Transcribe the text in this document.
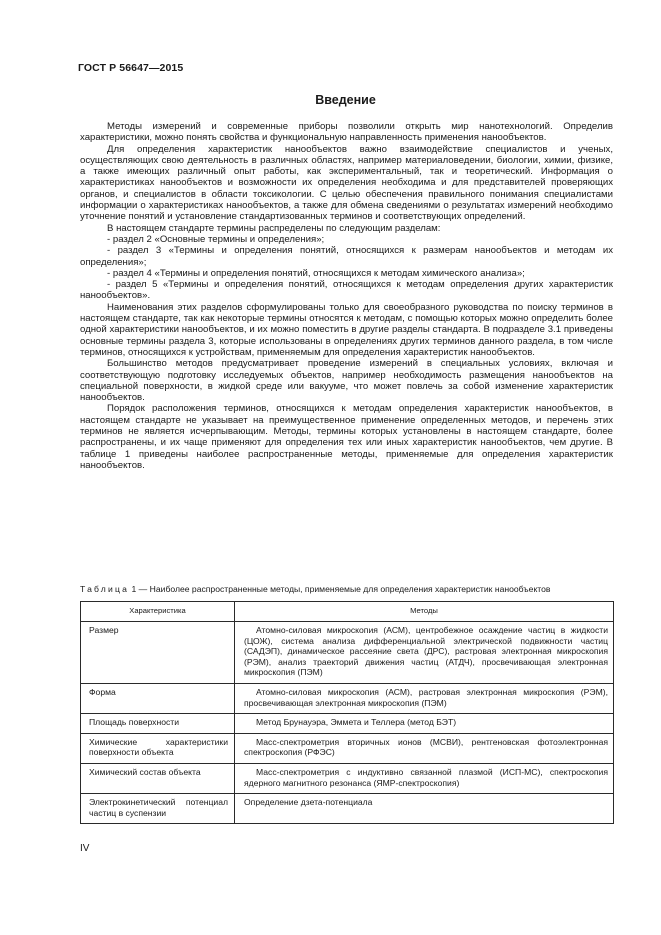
ГОСТ Р 56647—2015
Введение

Методы измерений и современные приборы позволили открыть мир нанотехнологий. Определив характеристики, можно понять свойства и функциональную направленность применения нанообъектов.

Для определения характеристик нанообъектов важно взаимодействие специалистов и ученых, осуществляющих свою деятельность в различных областях, например материаловедении, биологии, химии, физике, а также имеющих различный опыт работы, как экспериментальный, так и теоретический. Информация о характеристиках нанообъектов и возможности их определения необходима и для представителей проверяющих органов, и специалистов в области токсикологии. С целью обеспечения правильного понимания специалистами информации о характеристиках нанообъектов, а также для обмена сведениями о результатах измерений необходимо уточнение понятий и установление стандартизованных терминов и соответствующих определений.

В настоящем стандарте термины распределены по следующим разделам:

- раздел 2 «Основные термины и определения»;

- раздел 3 «Термины и определения понятий, относящихся к размерам нанообъектов и методам их определения»;

- раздел 4 «Термины и определения понятий, относящихся к методам химического анализа»;

- раздел 5 «Термины и определения понятий, относящихся к методам определения других характеристик нанообъектов».

Наименования этих разделов сформулированы только для своеобразного руководства по поиску терминов в настоящем стандарте, так как некоторые термины относятся к методам, с помощью которых можно определить более одной характеристики нанообъектов, и их можно поместить в другие разделы стандарта. В подразделе 3.1 приведены основные термины раздела 3, которые использованы в определениях других терминов данного раздела, в том числе терминов, относящихся к устройствам, применяемым для определения характеристик нанообъектов.

Большинство методов предусматривает проведение измерений в специальных условиях, включая и соответствующую подготовку исследуемых объектов, например необходимость размещения нанообъектов на специальной поверхности, в жидкой среде или вакууме, что может повлечь за собой изменение характеристик нанообъектов.

Порядок расположения терминов, относящихся к методам определения характеристик нанообъектов, в настоящем стандарте не указывает на преимущественное применение определенных методов, и перечень этих терминов не является исчерпывающим. Методы, термины которых установлены в настоящем стандарте, более распространены, и их чаще применяют для определения тех или иных характеристик нанообъектов, чем другие. В таблице 1 приведены наиболее распространенные методы, применяемые для определения характеристик нанообъектов.

Таблица 1 — Наиболее распространенные методы, применяемые для определения характеристик нанообъектов
Характеристика	Методы
Размер	Атомно-силовая микроскопия (АСМ), центробежное осаждение частиц в жидкости (ЦОЖ), система анализа дифференциальной электрической подвижности частиц (САДЭП), динамическое рассеяние света (ДРС), растровая электронная микроскопия (РЭМ), анализ траекторий движения частиц (АТДЧ), просвечивающая электронная микроскопия (ПЭМ)
Форма	Атомно-силовая микроскопия (АСМ), растровая электронная микроскопия (РЭМ), просвечивающая электронная микроскопия (ПЭМ)
Площадь поверхности	Метод Брунауэра, Эммета и Теллера (метод БЭТ)
Химические характеристики поверхности объекта	Масс-спектрометрия вторичных ионов (МСВИ), рентгеновская фотоэлектронная спектроскопия (РФЭС)
Химический состав объекта	Масс-спектрометрия с индуктивно связанной плазмой (ИСП-МС), спектроскопия ядерного магнитного резонанса (ЯМР-спектроскопия)
Электрокинетический потенциал частиц в суспензии	Определение дзета-потенциала
IV
